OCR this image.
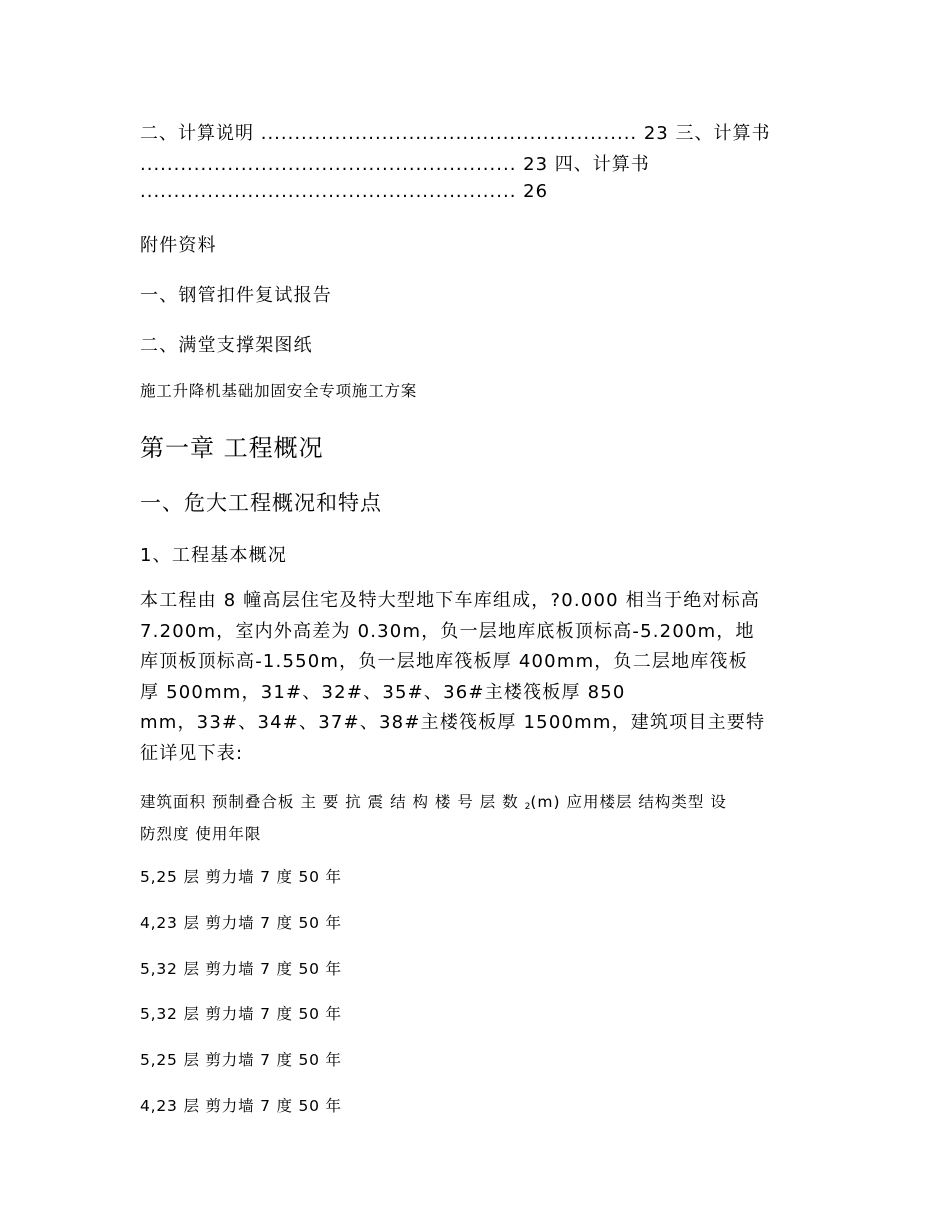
二、计算说明 ........................................................ 23 三、计算书
........................................................ 23 四、计算书
........................................................ 26
附件资料
一、钢管扣件复试报告
二、满堂支撑架图纸
施工升降机基础加固安全专项施工方案
第一章 工程概况
一、危大工程概况和特点
1、工程基本概况
本工程由 8 幢高层住宅及特大型地下车库组成，?0.000 相当于绝对标高
7.200m，室内外高差为 0.30m，负一层地库底板顶标高-5.200m，地
库顶板顶标高-1.550m，负一层地库筏板厚 400mm，负二层地库筏板
厚 500mm，31#、32#、35#、36#主楼筏板厚 850
mm，33#、34#、37#、38#主楼筏板厚 1500mm，建筑项目主要特
征详见下表:
建筑面积 预制叠合板 主 要 抗 震 结 构 楼 号 层 数 $_2$(m) 应用楼层 结构类型 设
防烈度 使用年限
5,25 层 剪力墙 7 度 50 年
4,23 层 剪力墙 7 度 50 年
5,32 层 剪力墙 7 度 50 年
5,32 层 剪力墙 7 度 50 年
5,25 层 剪力墙 7 度 50 年
4,23 层 剪力墙 7 度 50 年
